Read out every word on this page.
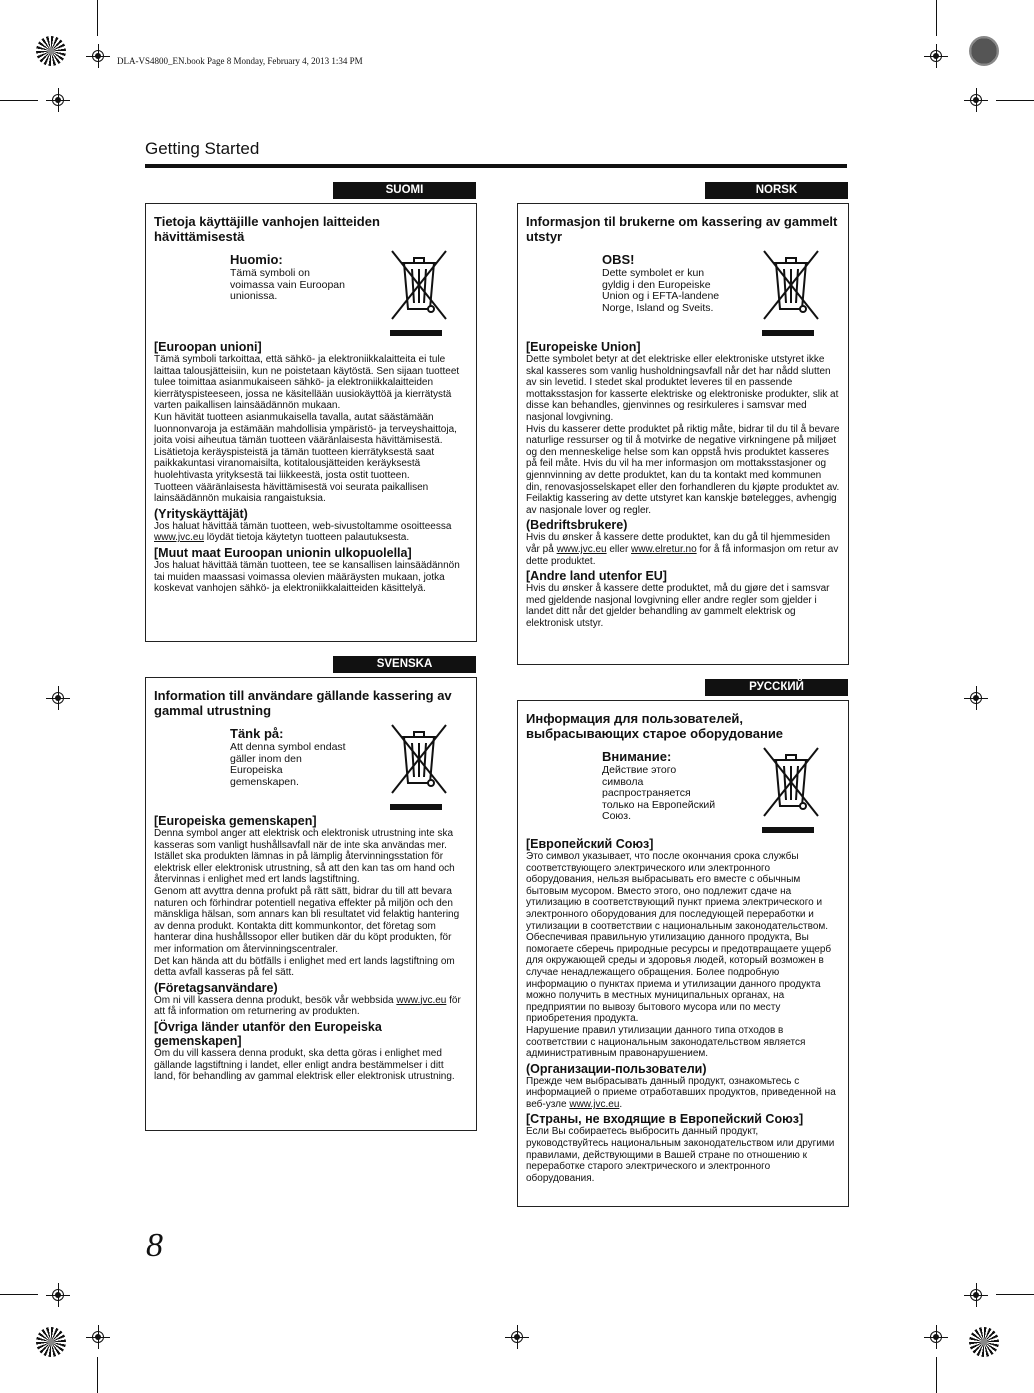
DLA-VS4800_EN.book Page 8 Monday, February 4, 2013 1:34 PM
Getting Started
SUOMI
Tietoja käyttäjille vanhojen laitteiden hävittämisestä
Huomio:
Tämä symboli on voimassa vain Euroopan unionissa.
[Euroopan unioni]

Tämä symboli tarkoittaa, että sähkö- ja elektroniikkalaitteita ei tule laittaa talousjätteisiin, kun ne poistetaan käytöstä. Sen sijaan tuotteet tulee toimittaa asianmukaiseen sähkö- ja elektroniikkalaitteiden kierrätyspisteeseen, jossa ne käsitellään uusiokäyttöä ja kierrätystä varten paikallisen lainsäädännön mukaan.

Kun hävität tuotteen asianmukaisella tavalla, autat säästämään luonnonvaroja ja estämään mahdollisia ympäristö- ja terveyshaittoja, joita voisi aiheutua tämän tuotteen vääränlaisesta hävittämisestä. Lisätietoja keräyspisteistä ja tämän tuotteen kierrätyksestä saat paikkakuntasi viranomaisilta, kotitalousjätteiden keräyksestä huolehtivasta yrityksestä tai liikkeestä, josta ostit tuotteen.

Tuotteen vääränlaisesta hävittämisestä voi seurata paikallisen lainsäädännön mukaisia rangaistuksia.

(Yrityskäyttäjät)

Jos haluat hävittää tämän tuotteen, web-sivustoltamme osoitteessa www.jvc.eu löydät tietoja käytetyn tuotteen palautuksesta.

[Muut maat Euroopan unionin ulkopuolella]

Jos haluat hävittää tämän tuotteen, tee se kansallisen lainsäädännön tai muiden maassasi voimassa olevien määräysten mukaan, jotka koskevat vanhojen sähkö- ja elektroniikkalaitteiden käsittelyä.

SVENSKA
Information till användare gällande kassering av gammal utrustning
Tänk på:
Att denna symbol endast gäller inom den Europeiska gemenskapen.
[Europeiska gemenskapen]

Denna symbol anger att elektrisk och elektronisk utrustning inte ska kasseras som vanligt hushållsavfall när de inte ska användas mer. Istället ska produkten lämnas in på lämplig återvinningsstation för elektrisk eller elektronisk utrustning, så att den kan tas om hand och återvinnas i enlighet med ert lands lagstiftning.

Genom att avyttra denna profukt på rätt sätt, bidrar du till att bevara naturen och förhindrar potentiell negativa effekter på miljön och den mänskliga hälsan, som annars kan bli resultatet vid felaktig hantering av denna produkt. Kontakta ditt kommunkontor, det företag som hanterar dina hushållssopor eller butiken där du köpt produkten, för mer information om återvinningscentraler.

Det kan hända att du bötfälls i enlighet med ert lands lagstiftning om detta avfall kasseras på fel sätt.

(Företagsanvändare)

Om ni vill kassera denna produkt, besök vår webbsida www.jvc.eu för att få information om returnering av produkten.

[Övriga länder utanför den Europeiska gemenskapen]

Om du vill kassera denna produkt, ska detta göras i enlighet med gällande lagstiftning i landet, eller enligt andra bestämmelser i ditt land, för behandling av gammal elektrisk eller elektronisk utrustning.

NORSK
Informasjon til brukerne om kassering av gammelt utstyr
OBS!
Dette symbolet er kun gyldig i den Europeiske Union og i EFTA-landene Norge, Island og Sveits.
[Europeiske Union]

Dette symbolet betyr at det elektriske eller elektroniske utstyret ikke skal kasseres som vanlig husholdningsavfall når det har nådd slutten av sin levetid. I stedet skal produktet leveres til en passende mottaksstasjon for kasserte elektriske og elektroniske produkter, slik at disse kan behandles, gjenvinnes og resirkuleres i samsvar med nasjonal lovgivning.

Hvis du kasserer dette produktet på riktig måte, bidrar til du til å bevare naturlige ressurser og til å motvirke de negative virkningene på miljøet og den menneskelige helse som kan oppstå hvis produktet kasseres på feil måte. Hvis du vil ha mer informasjon om mottaksstasjoner og gjennvinning av dette produktet, kan du ta kontakt med kommunen din, renovasjosselskapet eller den forhandleren du kjøpte produktet av.

Feilaktig kassering av dette utstyret kan kanskje bøtelegges, avhengig av nasjonale lover og regler.

(Bedriftsbrukere)

Hvis du ønsker å kassere dette produktet, kan du gå til hjemmesiden vår på www.jvc.eu eller www.elretur.no for å få informasjon om retur av dette produktet.

[Andre land utenfor EU]

Hvis du ønsker å kassere dette produktet, må du gjøre det i samsvar med gjeldende nasjonal lovgivning eller andre regler som gjelder i landet ditt når det gjelder behandling av gammelt elektrisk og elektronisk utstyr.

РУССКИЙ
Информация для пользователей, выбрасывающих старое оборудование
Внимание:
Действие этого символа распространяется только на Европейский Союз.
[Европейский Союз]

Это символ указывает, что после окончания срока службы соответствующего электрического или электронного оборудования, нельзя выбрасывать его вместе с обычным бытовым мусором. Вместо этого, оно подлежит сдаче на утилизацию в соответствующий пункт приема электрического и электронного оборудования для последующей переработки и утилизации в соответствии с национальным законодательством.

Обеспечивая правильную утилизацию данного продукта, Вы помогаете сберечь природные ресурсы и предотвращаете ущерб для окружающей среды и здоровья людей, который возможен в случае ненадлежащего обращения. Более подробную информацию о пунктах приема и утилизации данного продукта можно получить в местных муниципальных органах, на предприятии по вывозу бытового мусора или по месту приобретения продукта.

Нарушение правил утилизации данного типа отходов в соответствии с национальным законодательством является административным правонарушением.

(Организации-пользователи)

Прежде чем выбрасывать данный продукт, ознакомьтесь с информацией о приеме отработавших продуктов, приведенной на веб-узле www.jvc.eu.

[Страны, не входящие в Европейский Союз]

Если Вы собираетесь выбросить данный продукт, руководствуйтесь национальным законодательством или другими правилами, действующими в Вашей стране по отношению к переработке старого электрического и электронного оборудования.

8
